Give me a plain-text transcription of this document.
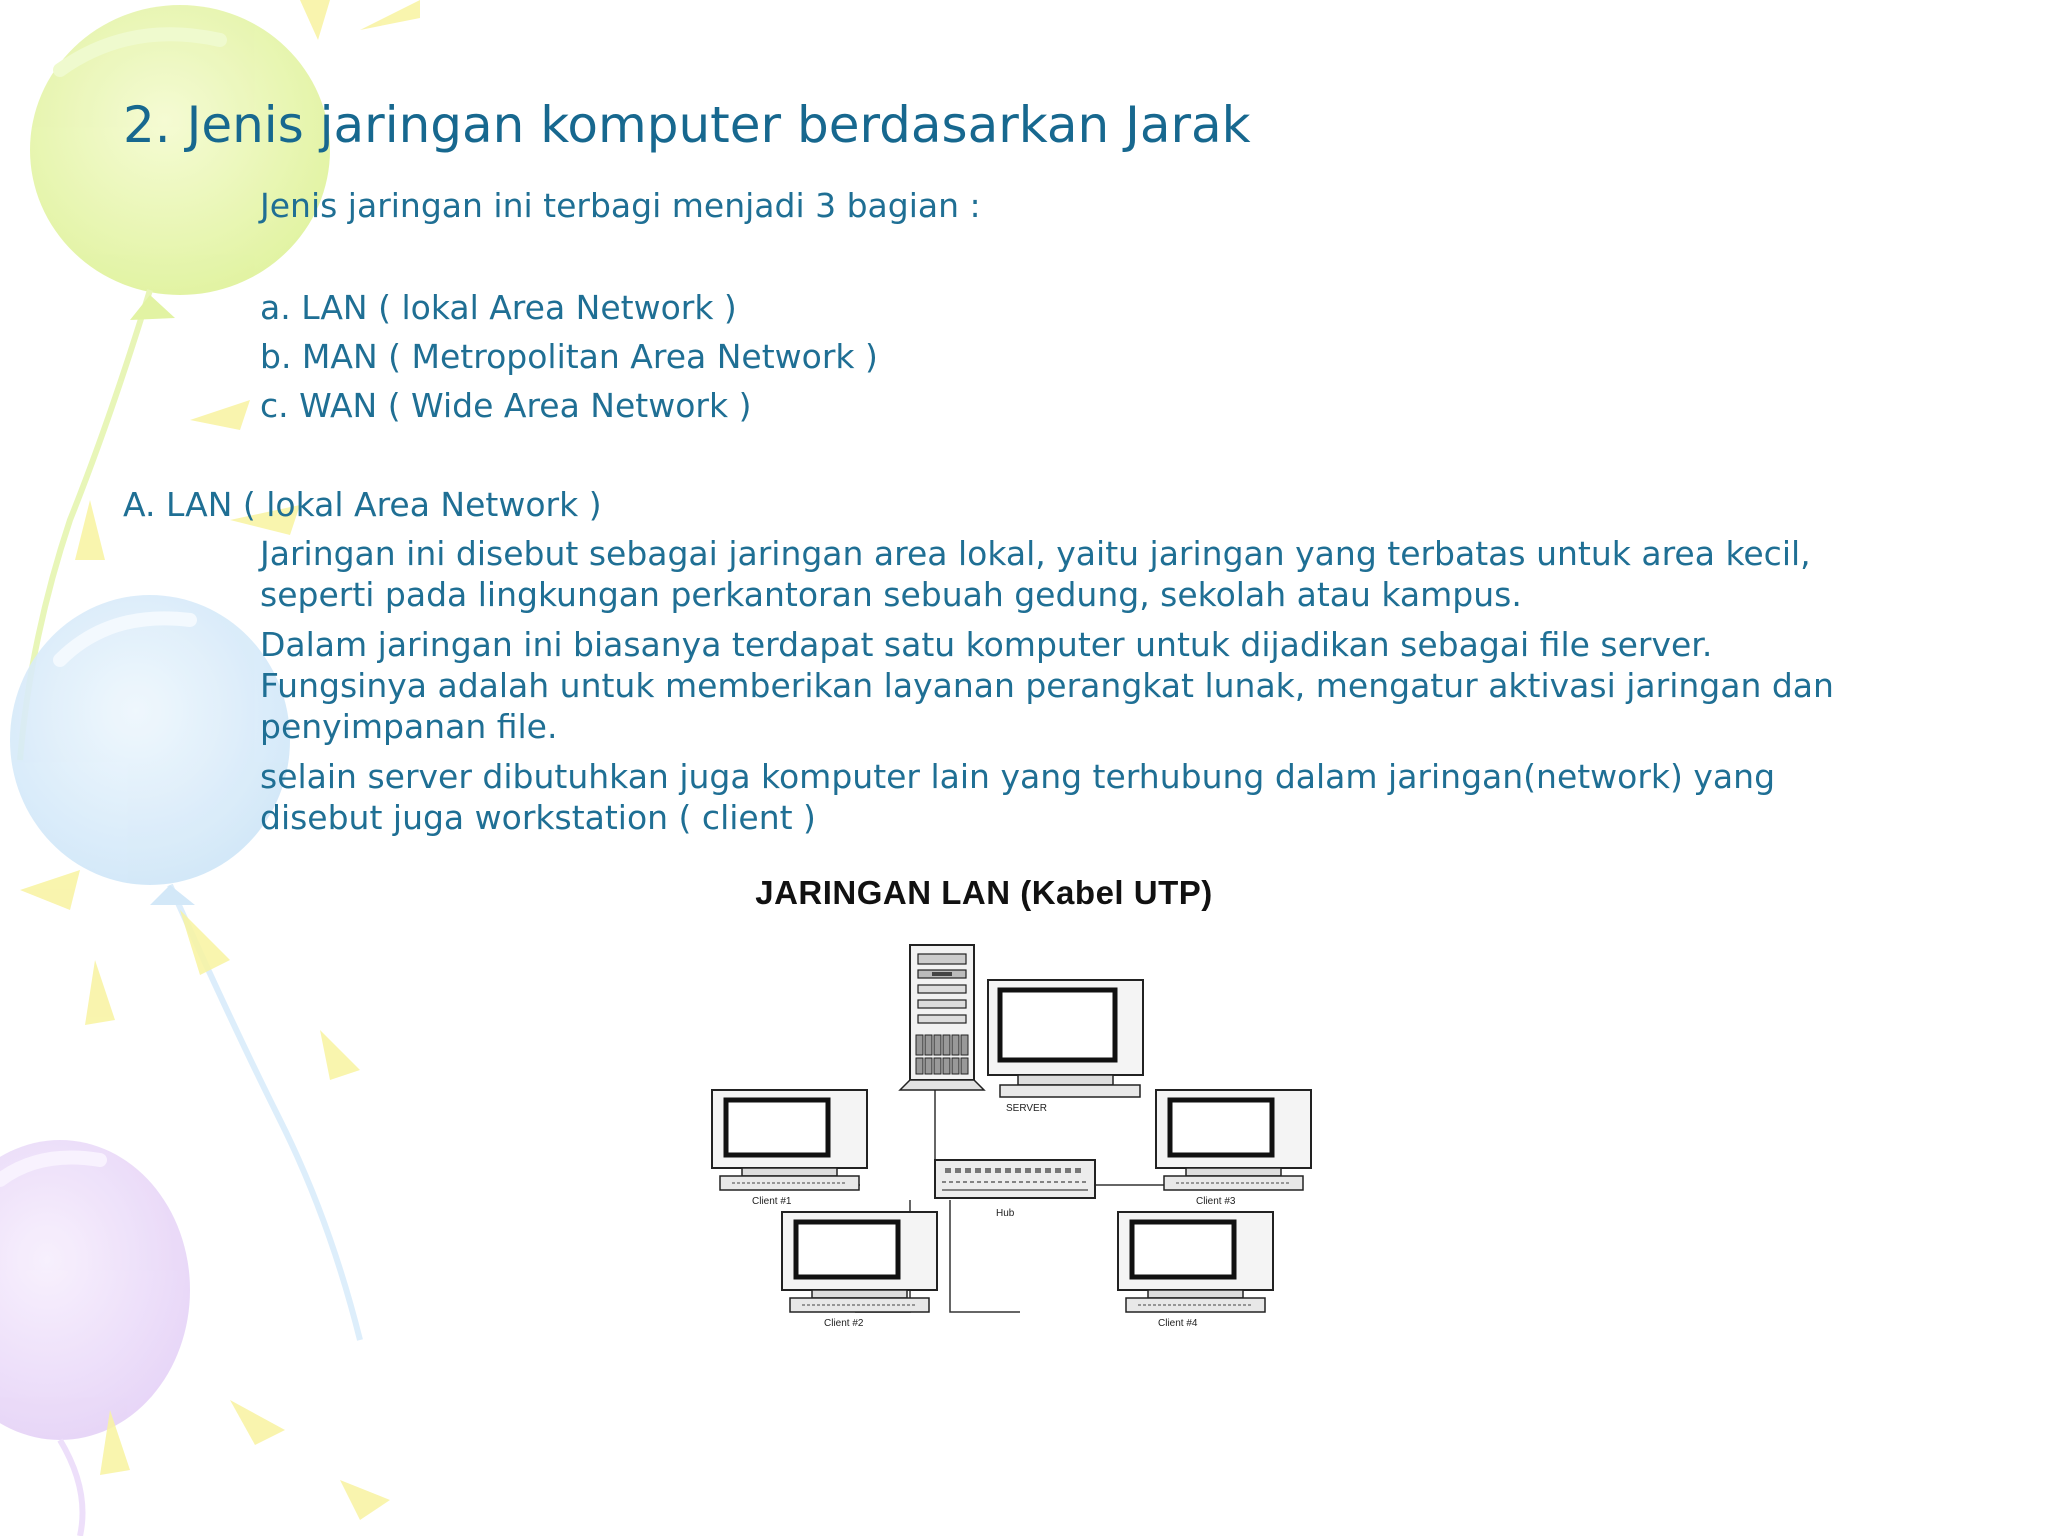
2. Jenis jaringan komputer berdasarkan Jarak
Jenis jaringan ini terbagi menjadi 3 bagian :
a. LAN ( lokal Area Network )
b. MAN ( Metropolitan Area Network )
c. WAN ( Wide Area Network )
A. LAN ( lokal Area Network )
Jaringan ini disebut sebagai jaringan area lokal, yaitu jaringan yang terbatas untuk area kecil,
seperti pada lingkungan perkantoran sebuah gedung, sekolah atau kampus.
Dalam jaringan ini biasanya terdapat satu komputer untuk dijadikan sebagai file server.
Fungsinya adalah untuk memberikan layanan perangkat lunak, mengatur aktivasi jaringan dan
penyimpanan file.
selain server dibutuhkan juga komputer lain yang terhubung dalam jaringan(network) yang
disebut juga workstation ( client )
JARINGAN LAN (Kabel UTP)
SERVER
Hub
Client #1	Client #3
Client #2	Client #4
